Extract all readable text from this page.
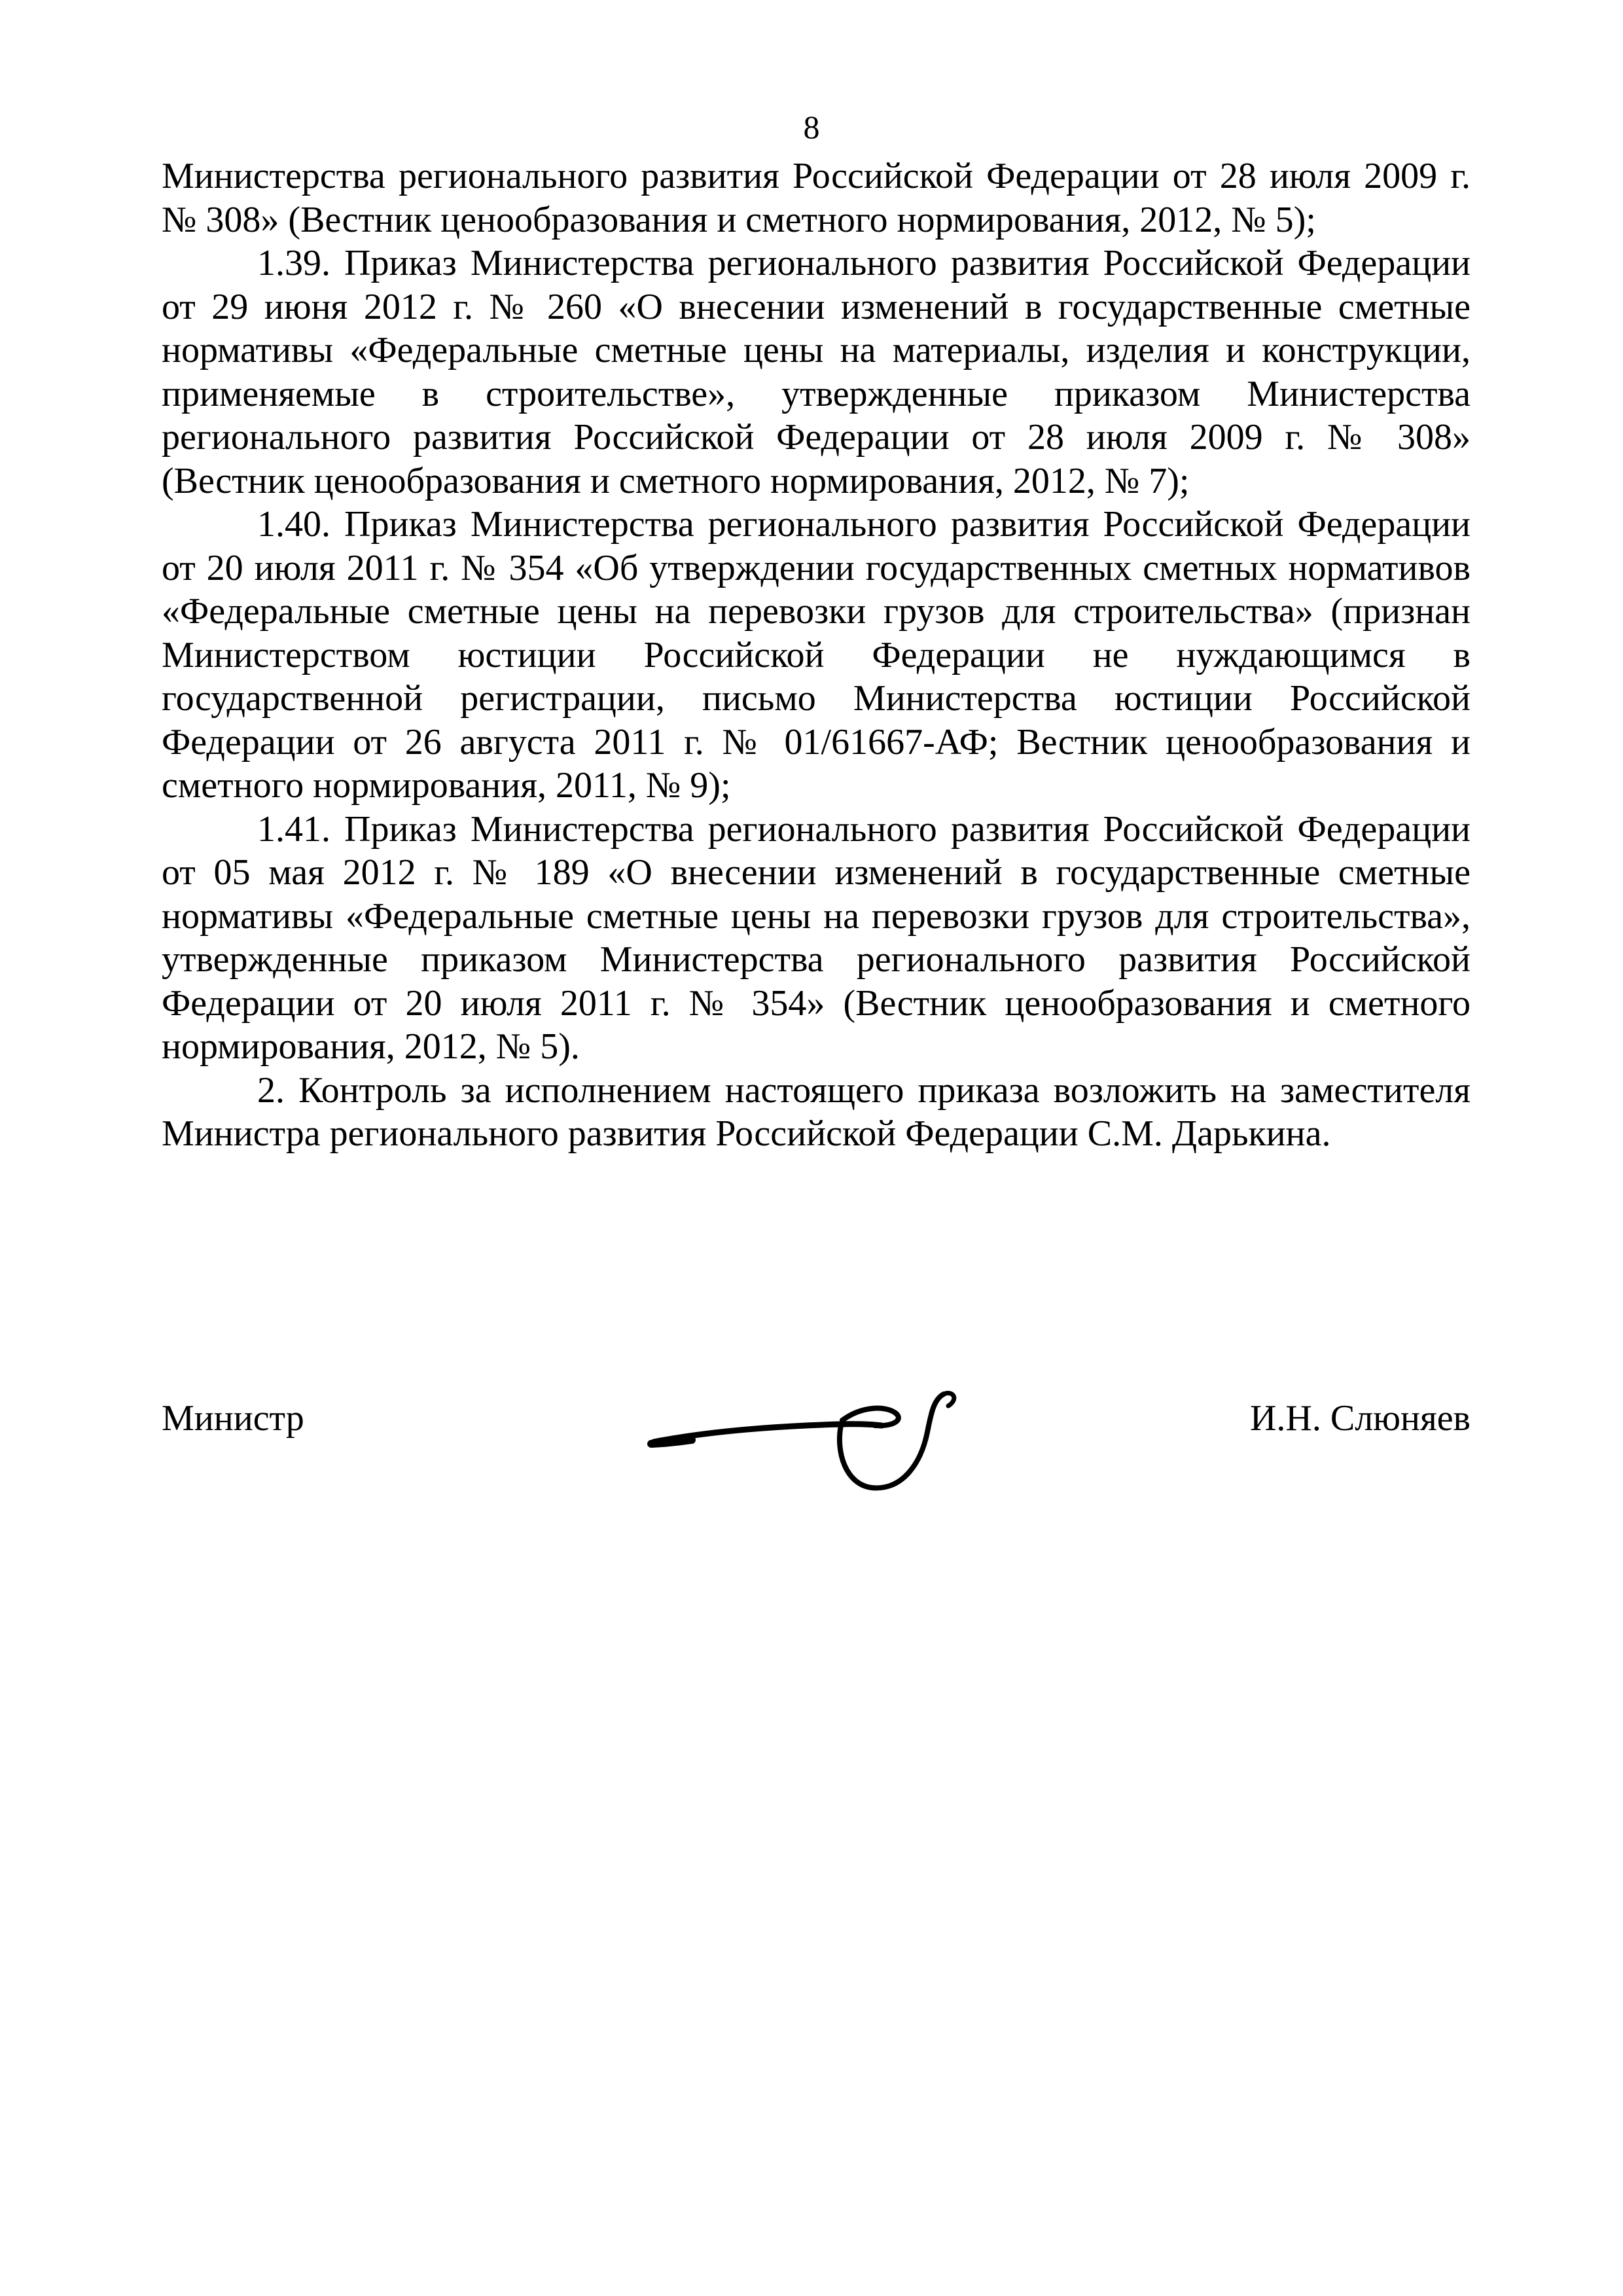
8

Министерства регионального развития Российской Федерации от 28 июля 2009 г. № 308» (Вестник ценообразования и сметного нормирования, 2012, № 5);

1.39. Приказ Министерства регионального развития Российской Федерации от 29 июня 2012 г. № 260 «О внесении изменений в государственные сметные нормативы «Федеральные сметные цены на материалы, изделия и конструкции, применяемые в строительстве», утвержденные приказом Министерства регионального развития Российской Федерации от 28 июля 2009 г. № 308» (Вестник ценообразования и сметного нормирования, 2012, № 7);

1.40. Приказ Министерства регионального развития Российской Федерации от 20 июля 2011 г. № 354 «Об утверждении государственных сметных нормативов «Федеральные сметные цены на перевозки грузов для строительства» (признан Министерством юстиции Российской Федерации не нуждающимся в государственной регистрации, письмо Министерства юстиции Российской Федерации от 26 августа 2011 г. № 01/61667-АФ; Вестник ценообразования и сметного нормирования, 2011, № 9);

1.41. Приказ Министерства регионального развития Российской Федерации от 05 мая 2012 г. № 189 «О внесении изменений в государственные сметные нормативы «Федеральные сметные цены на перевозки грузов для строительства», утвержденные приказом Министерства регионального развития Российской Федерации от 20 июля 2011 г. № 354» (Вестник ценообразования и сметного нормирования, 2012, № 5).

2. Контроль за исполнением настоящего приказа возложить на заместителя Министра регионального развития Российской Федерации С.М. Дарькина.

Министр	И.Н. Слюняев
